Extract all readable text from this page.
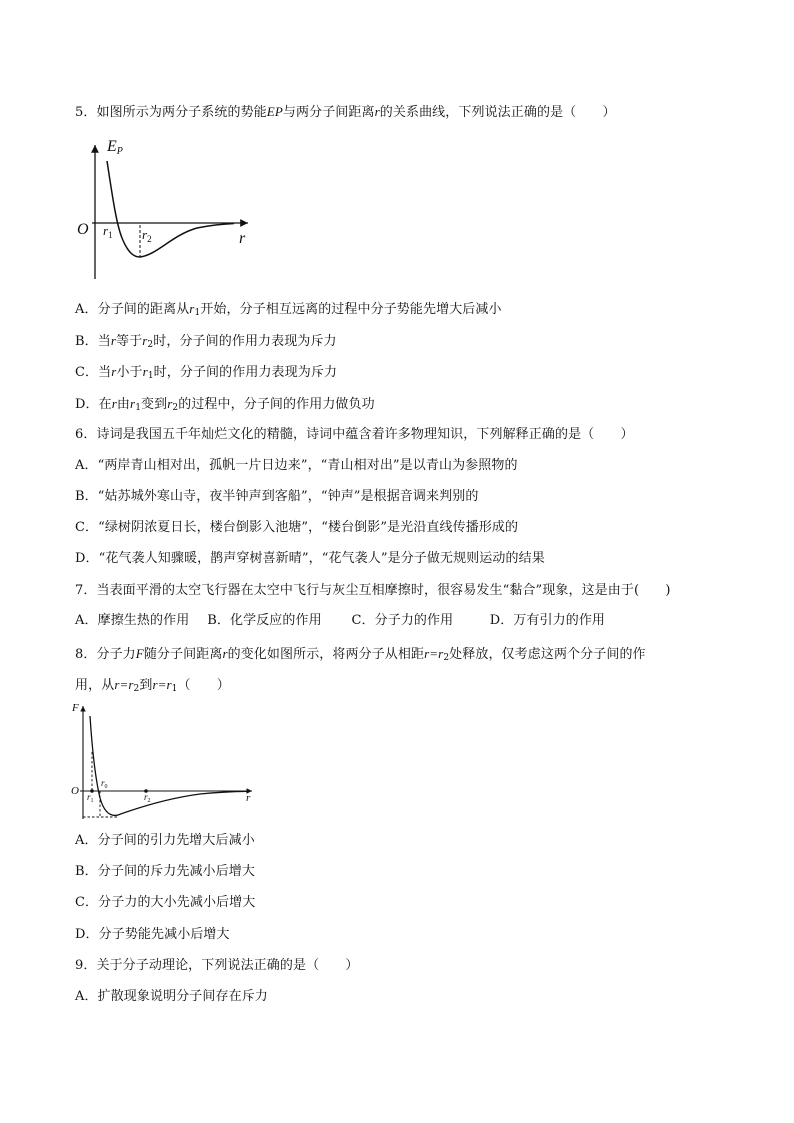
5．如图所示为两分子系统的势能EP与两分子间距离r的关系曲线，下列说法正确的是（　　）
EP
O
r
$r_1$ $r_2$
A．分子间的距离从$r_1$开始，分子相互远离的过程中分子势能先增大后减小
B．当r等于$r_2$时，分子间的作用力表现为斥力
C．当r小于$r_1$时，分子间的作用力表现为斥力
D．在r由$r_1$变到$r_2$的过程中，分子间的作用力做负功
6．诗词是我国五千年灿烂文化的精髓，诗词中蕴含着许多物理知识，下列解释正确的是（　　）
A．“两岸青山相对出，孤帆一片日边来”，“青山相对出”是以青山为参照物的
B．“姑苏城外寒山寺，夜半钟声到客船”，“钟声”是根据音调来判别的
C．“绿树阴浓夏日长，楼台倒影入池塘”，“楼台倒影”是光沿直线传播形成的
D．“花气袭人知骤暖，鹊声穿树喜新晴”，“花气袭人”是分子做无规则运动的结果
7．当表面平滑的太空飞行器在太空中飞行与灰尘互相摩擦时，很容易发生“黏合”现象，这是由于(　　)
A．摩擦生热的作用 B．化学反应的作用 C．分子力的作用	D．万有引力的作用
8．分子力F随分子间距离r的变化如图所示，将两分子从相距$r=r_2$处释放，仅考虑这两个分子间的作
用，从$r=r_2$到$r=r_1$（　　）
F
O
r
$r_0$
$r_1$	$r_2$
A．分子间的引力先增大后减小
B．分子间的斥力先减小后增大
C．分子力的大小先减小后增大
D．分子势能先减小后增大
9．关于分子动理论，下列说法正确的是（　　）
A．扩散现象说明分子间存在斥力
